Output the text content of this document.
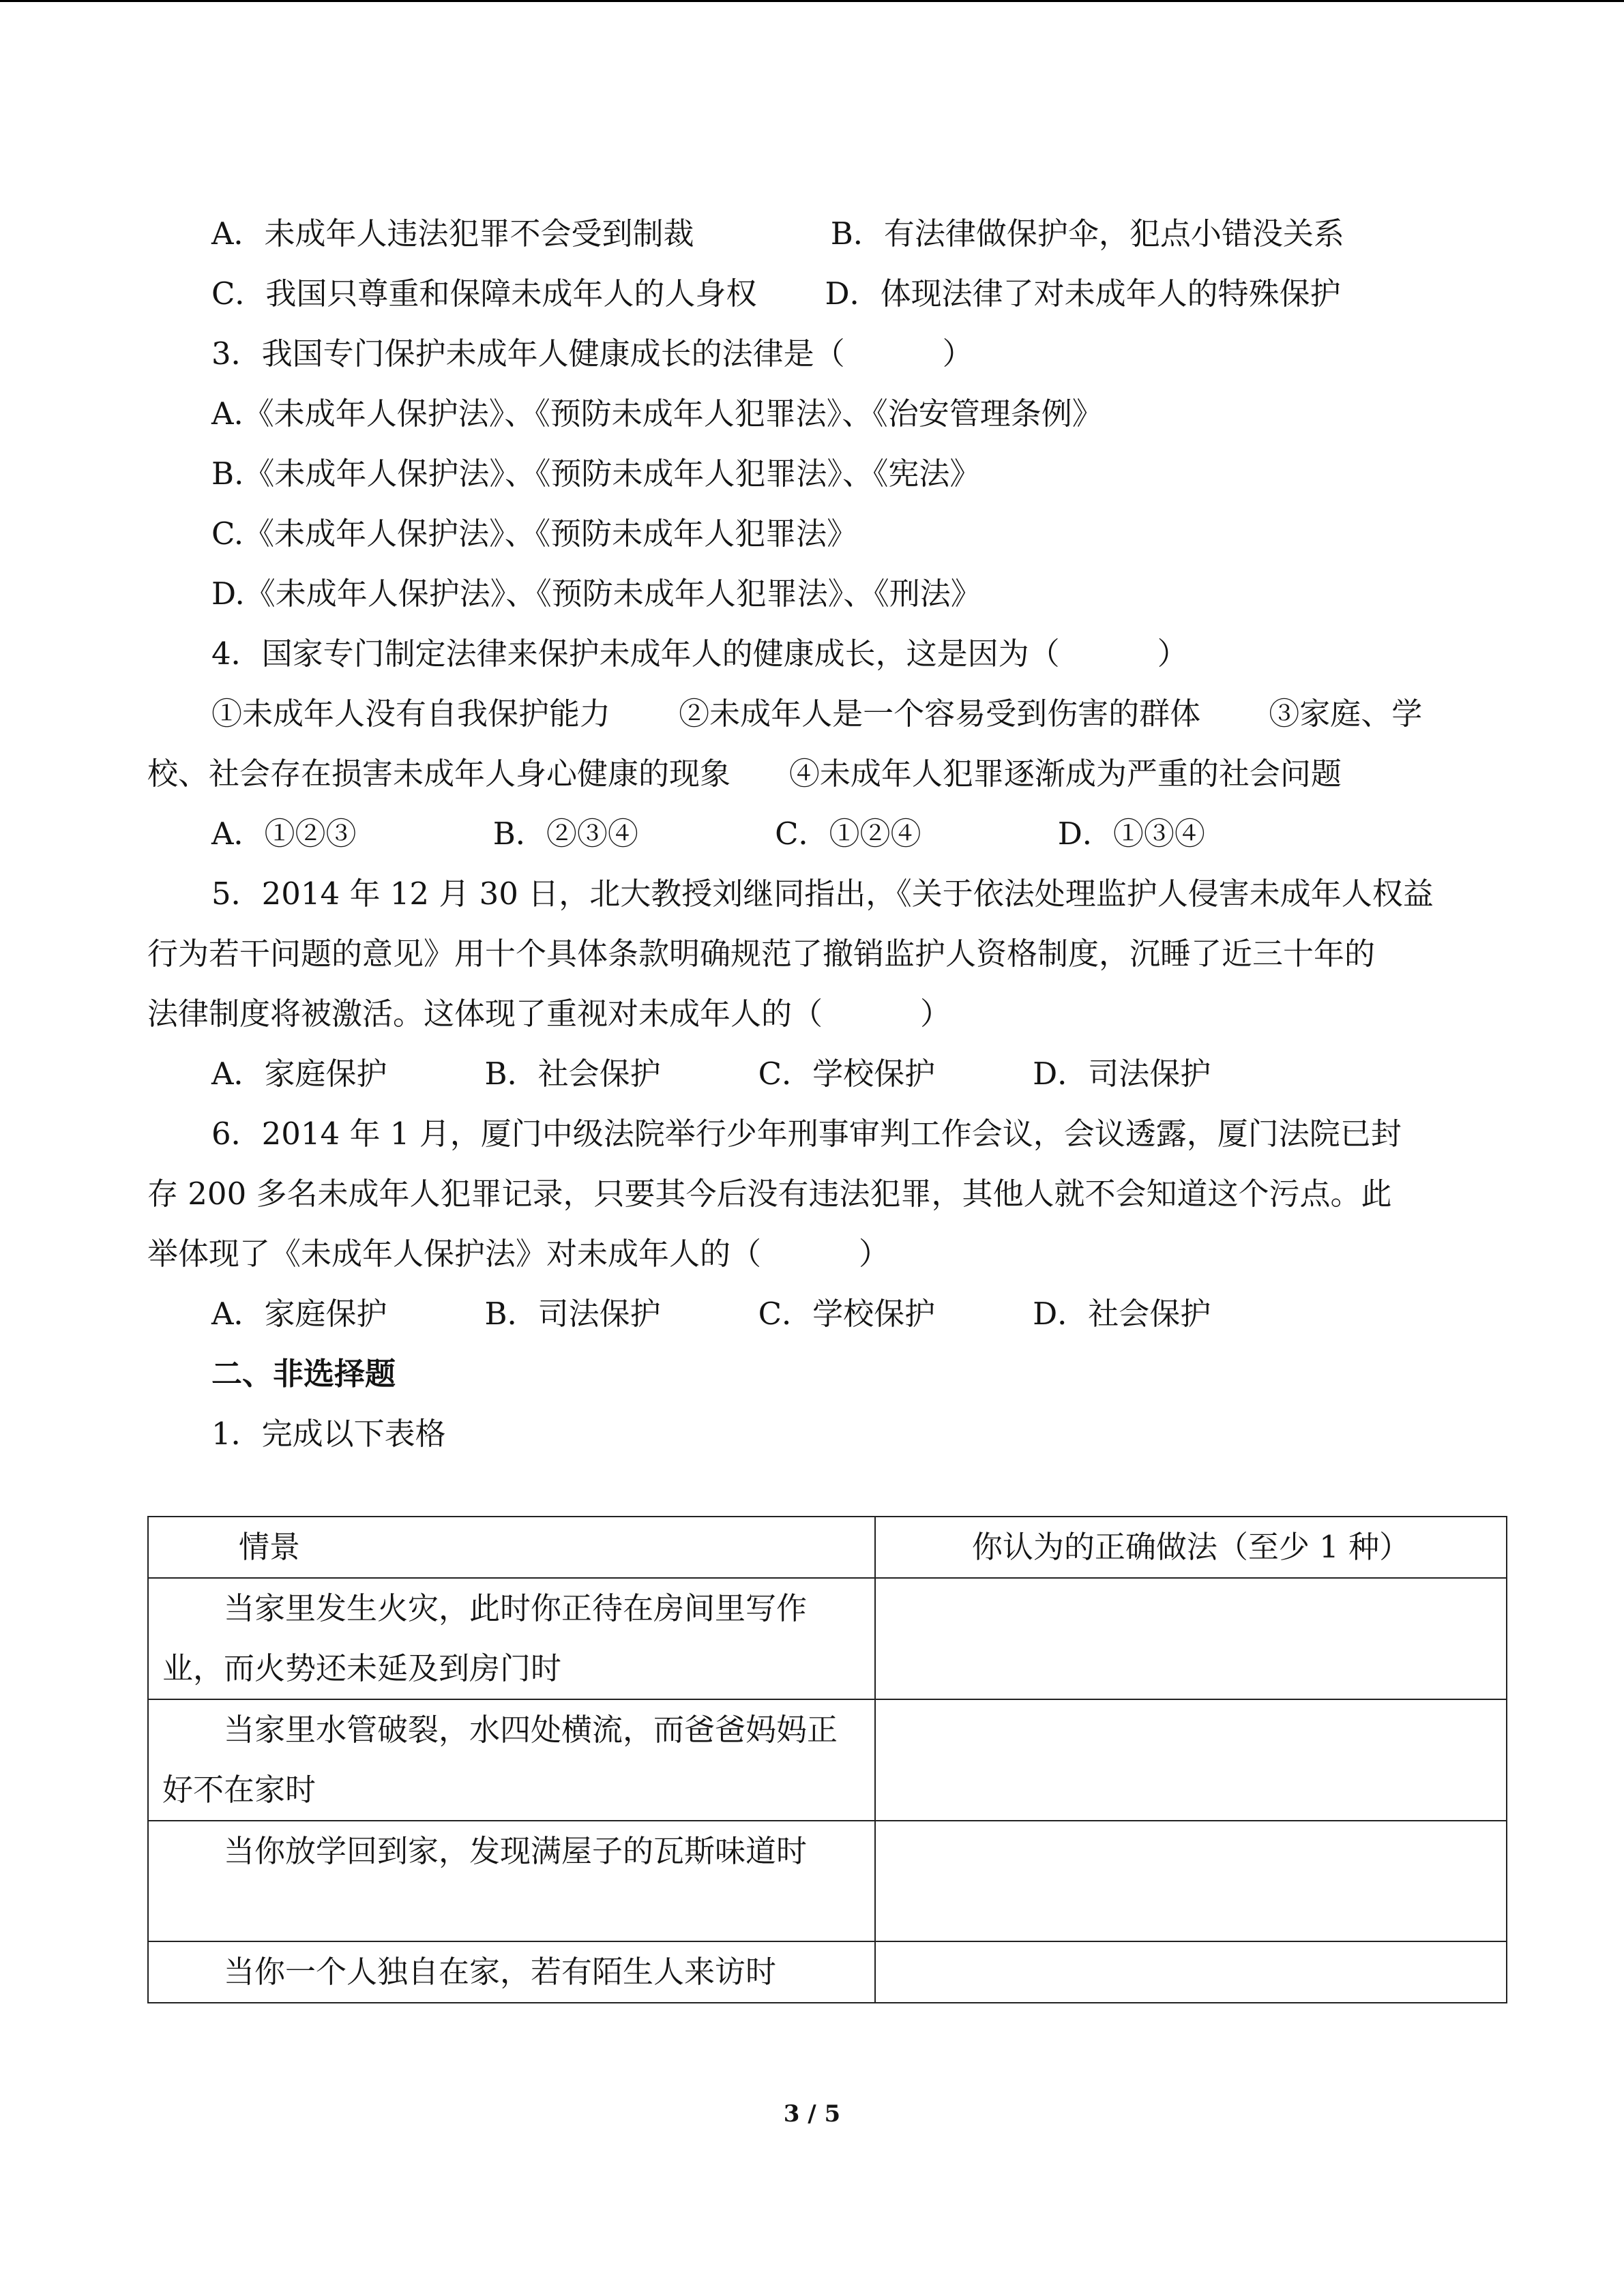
A．未成年人违法犯罪不会受到制裁              B．有法律做保护伞，犯点小错没关系
C．我国只尊重和保障未成年人的人身权       D．体现法律了对未成年人的特殊保护
3．我国专门保护未成年人健康成长的法律是（          ）
A.《未成年人保护法》、《预防未成年人犯罪法》、《治安管理条例》
B.《未成年人保护法》、《预防未成年人犯罪法》、《宪法》
C.《未成年人保护法》、《预防未成年人犯罪法》
D.《未成年人保护法》、《预防未成年人犯罪法》、《刑法》
4．国家专门制定法律来保护未成年人的健康成长，这是因为（          ）
①未成年人没有自我保护能力       ②未成年人是一个容易受到伤害的群体       ③家庭、学
校、社会存在损害未成年人身心健康的现象      ④未成年人犯罪逐渐成为严重的社会问题
A．①②③              B．②③④              C．①②④              D．①③④
5．2014 年 12 月 30 日，北大教授刘继同指出，《关于依法处理监护人侵害未成年人权益
行为若干问题的意见》用十个具体条款明确规范了撤销监护人资格制度，沉睡了近三十年的
法律制度将被激活。这体现了重视对未成年人的（          ）
A．家庭保护          B．社会保护          C．学校保护          D．司法保护
6．2014 年 1 月，厦门中级法院举行少年刑事审判工作会议，会议透露，厦门法院已封
存 200 多名未成年人犯罪记录，只要其今后没有违法犯罪，其他人就不会知道这个污点。此
举体现了《未成年人保护法》对未成年人的（          ）
A．家庭保护          B．司法保护          C．学校保护          D．社会保护
二、非选择题
1．完成以下表格
情景	你认为的正确做法（至少 1 种）

当家里发生火灾，此时你正待在房间里写作业，而火势还未延及到房门时	

当家里水管破裂，水四处横流，而爸爸妈妈正好不在家时	

当你放学回到家，发现满屋子的瓦斯味道时	

当你一个人独自在家，若有陌生人来访时	

3 / 5
